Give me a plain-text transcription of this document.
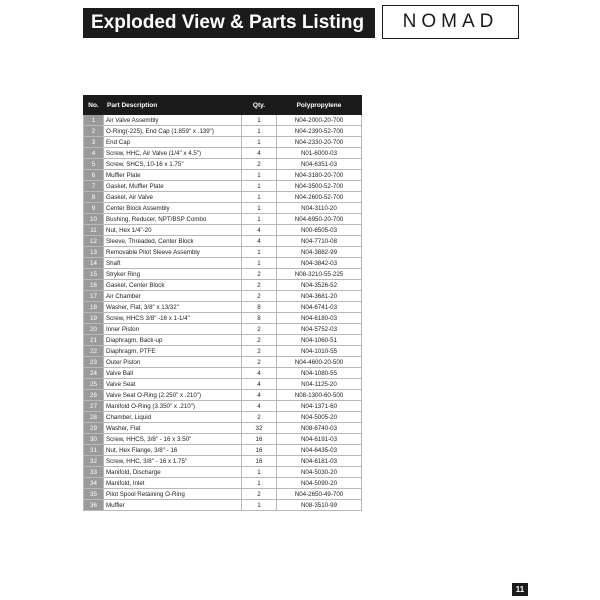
Exploded View & Parts Listing	NOMAD
No.	Part Description	Qty.	Polypropylene
1	Air Valve Assembly	1	N04-2000-20-700
2	O-Ring(-225), End Cap (1.859" x .139")	1	N04-2390-52-700
3	End Cap	1	N04-2330-20-700
4	Screw, HHC, Air Valve (1/4" x 4.5")	4	N01-6000-03
5	Screw, SHCS, 10-16 x 1.75"	2	N04-6351-03
6	Muffler Plate	1	N04-3180-20-700
7	Gasket, Muffler Plate	1	N04-3500-52-700
8	Gasket, Air Valve	1	N04-2600-52-700
9	Center Block Assembly	1	N04-3110-20
10	Bushing, Reducer, NPT/BSP Combo	1	N04-6950-20-700
11	Nut, Hex 1/4"-20	4	N00-6505-03
12	Sleeve, Threaded, Center Block	4	N04-7710-08
13	Removable Pilot Sleeve Assembly	1	N04-3882-99
14	Shaft	1	N04-3842-03
15	Stryker Ring	2	N08-3210-55-225
16	Gasket, Center Block	2	N04-3526-52
17	Air Chamber	2	N04-3681-20
18	Washer, Flat, 3/8" x 13/32"	8	N04-6741-03
19	Screw, HHCS 3/8" -16 x 1-1/4"	8	N04-6180-03
20	Inner Piston	2	N04-5752-03
21	Diaphragm, Back-up	2	N04-1060-51
22	Diaphragm, PTFE	2	N04-1010-55
23	Outer Piston	2	N04-4600-20-500
24	Valve Ball	4	N04-1080-55
25	Valve Seat	4	N04-1125-20
26	Valve Seat O-Ring (2.250" x .210")	4	N08-1300-60-500
27	Manifold O-Ring (3.350" x .210")	4	N04-1371-60
28	Chamber, Liquid	2	N04-5005-20
29	Washer, Flat	32	N08-6740-03
30	Screw, HHCS, 3/8" - 16 x 3.50"	16	N04-6191-03
31	Nut, Hex Flange, 3/8" - 16	16	N04-6435-03
32	Screw, HHC, 3/8" - 16 x 1.75"	16	N04-6181-03
33	Manifold, Discharge	1	N04-5030-20
34	Manifold, Inlet	1	N04-5090-20
35	Pilot Spool Retaining O-Ring	2	N04-2650-49-700
36	Muffler	1	N08-3510-99
11
